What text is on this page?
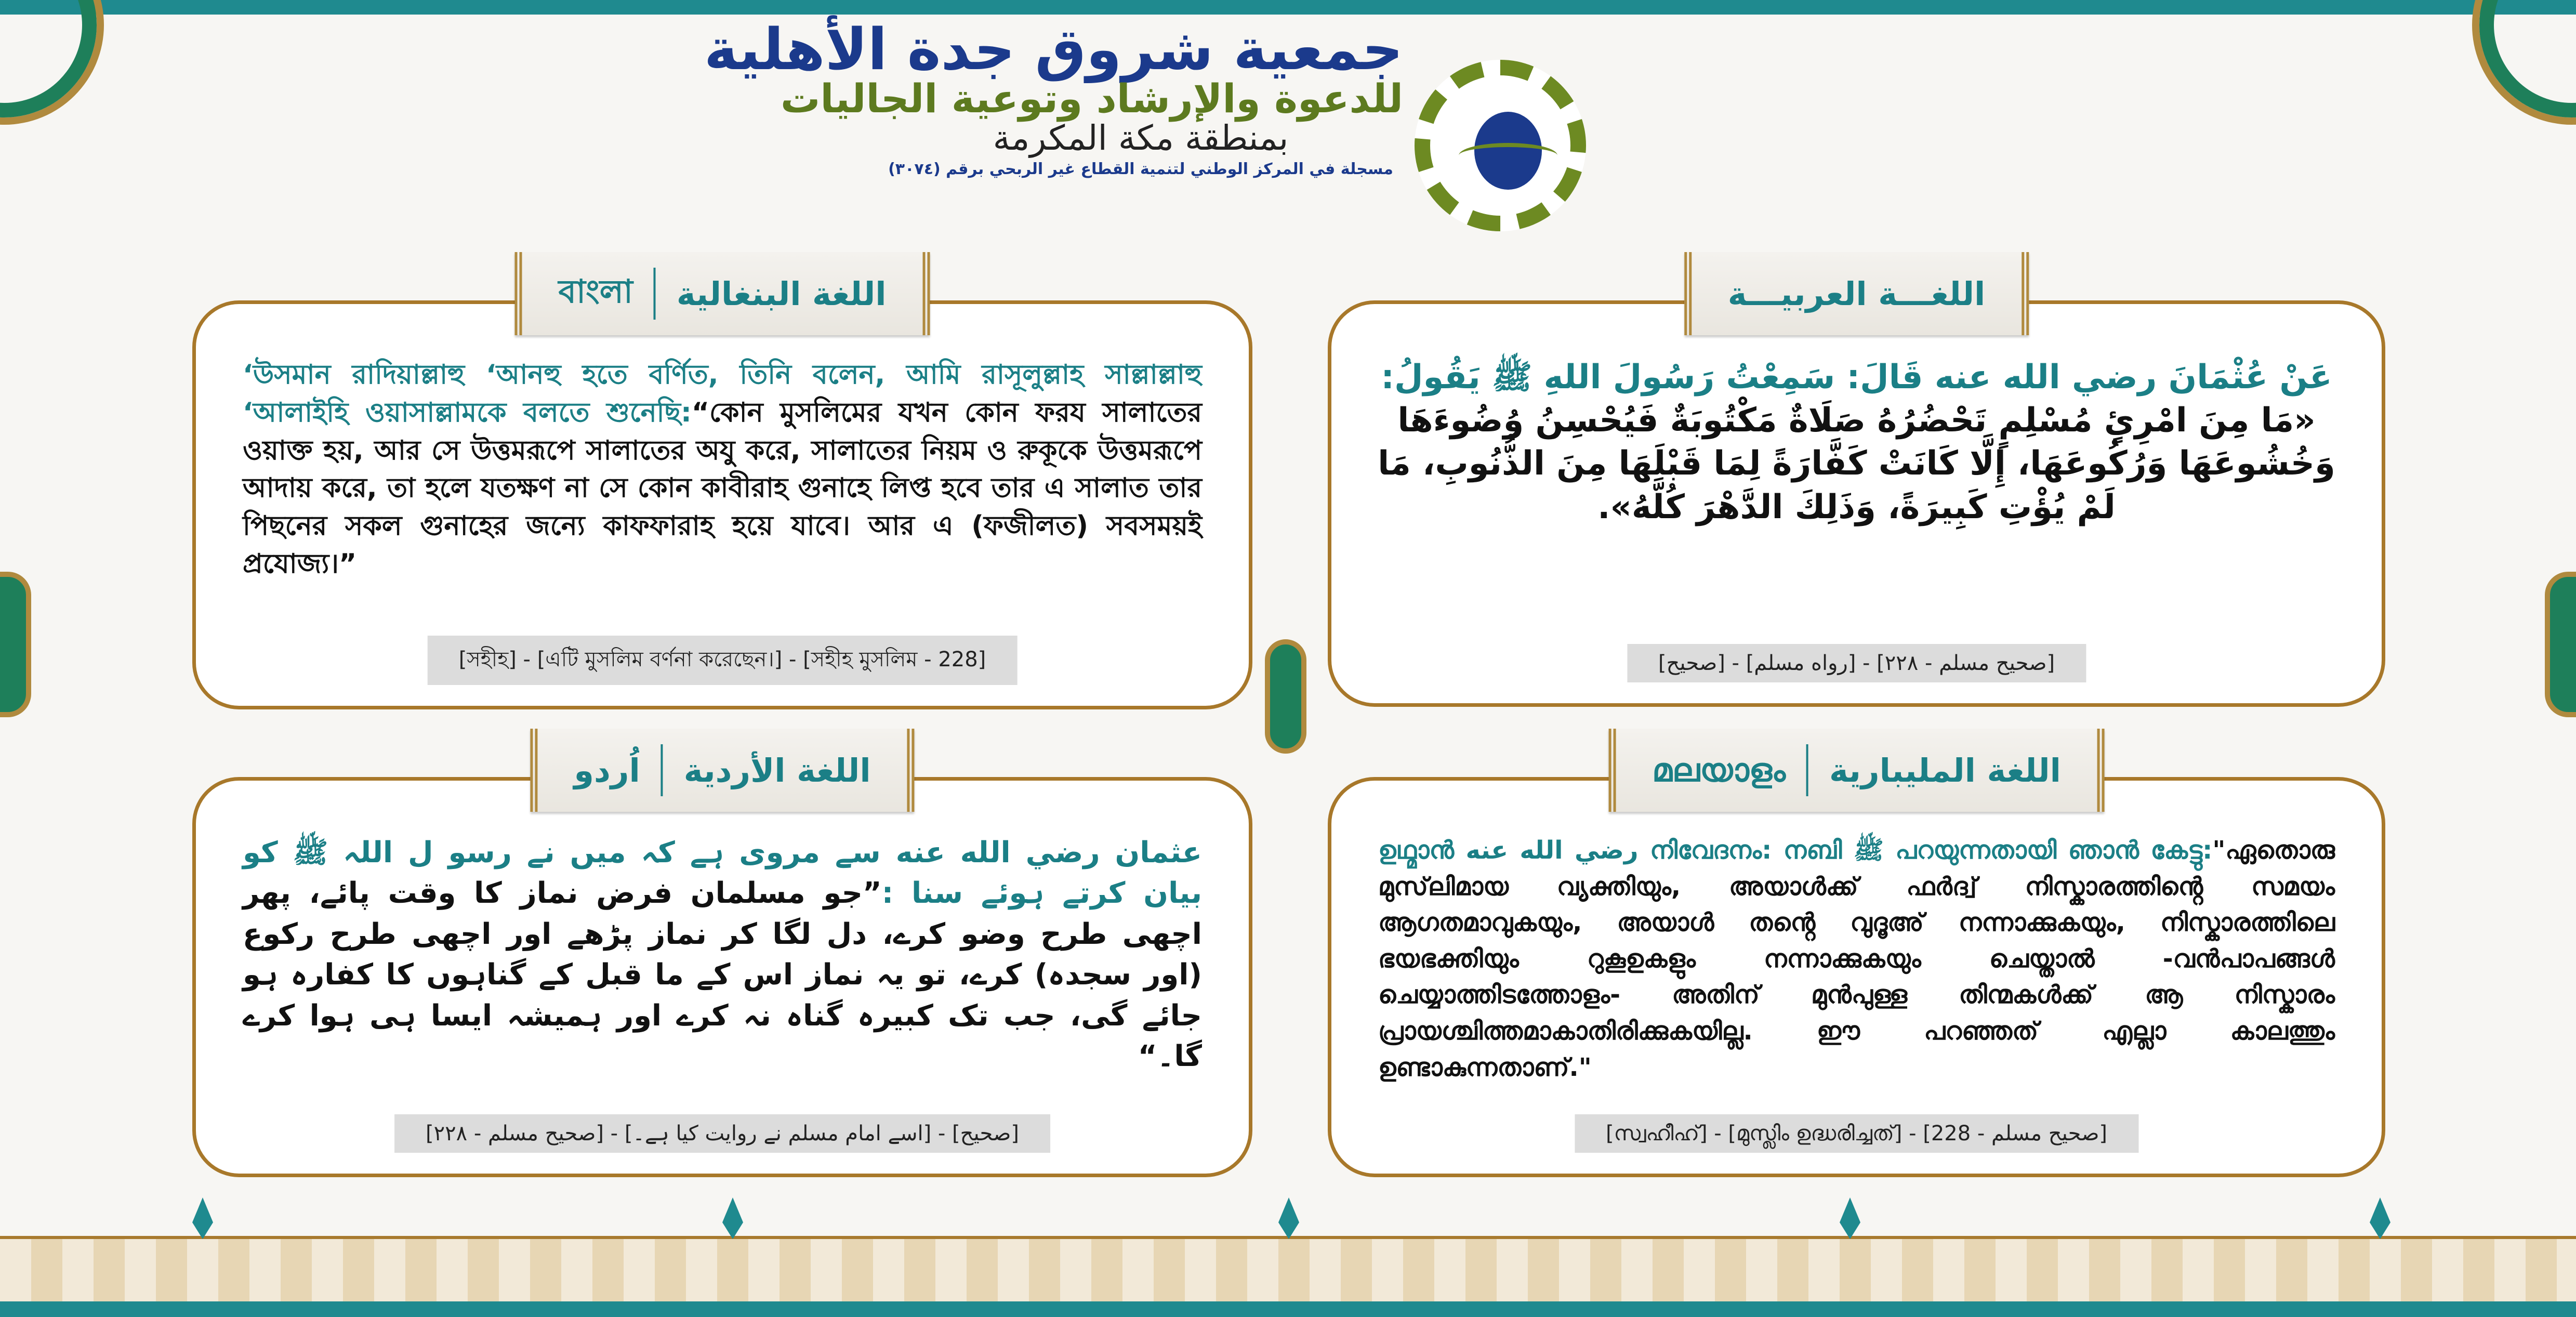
جمعية شروق جدة الأهلية
للدعوة والإرشاد وتوعية الجاليات
بمنطقة مكة المكرمة
مسجلة في المركز الوطني لتنمية القطاع غير الربحي برقم (٣٠٧٤)
اللغـــة العربيـــة
عَنْ عُثْمَانَ رضي الله عنه قَالَ: سَمِعْتُ رَسُولَ اللهِ ﷺ يَقُولُ:
«مَا مِنَ امْرِئٍ مُسْلِمٍ تَحْضُرُهُ صَلَاةٌ مَكْتُوبَةٌ فَيُحْسِنُ وُضُوءَهَا وَخُشُوعَهَا وَرُكُوعَهَا، إِلَّا كَانَتْ كَفَّارَةً لِمَا قَبْلَهَا مِنَ الذُّنُوبِ، مَا لَمْ يُؤْتِ كَبِيرَةً، وَذَلِكَ الدَّهْرَ كُلَّهُ».
[صحيح] - [رواه مسلم] - [صحيح مسلم - ٢٢٨]
বাংলা اللغة البنغالية
‘উসমান রাদিয়াল্লাহু ‘আনহু হতে বর্ণিত, তিনি বলেন, আমি রাসূলুল্লাহ সাল্লাল্লাহু ‘আলাইহি ওয়াসাল্লামকে বলতে শুনেছি:“কোন মুসলিমের যখন কোন ফরয সালাতের ওয়াক্ত হয়, আর সে উত্তমরূপে সালাতের অযু করে, সালাতের নিয়ম ও রুকূকে উত্তমরূপে আদায় করে, তা হলে যতক্ষণ না সে কোন কাবীরাহ গুনাহে লিপ্ত হবে তার এ সালাত তার পিছনের সকল গুনাহের জন্যে কাফফারাহ হয়ে যাবে। আর এ (ফজীলত) সবসময়ই প্রযোজ্য।”
[সহীহ] - [এটি মুসলিম বর্ণনা করেছেন।] - [সহীহ মুসলিম - 228]
اُردو اللغة الأردية
عثمان رضي الله عنه سے مروی ہے کہ میں نے رسو ل اللہ ﷺ کو بیان کرتے ہوئے سنا :”جو مسلمان فرض نماز کا وقت پائے، پھر اچھی طرح وضو کرے، دل لگا کر نماز پڑھے اور اچھی طرح رکوع (اور سجدہ) کرے، تو یہ نماز اس کے ما قبل کے گناہوں کا کفارہ ہو جائے گی، جب تک کبیرہ گناہ نہ کرے اور ہمیشہ ایسا ہی ہوا کرے گا۔“
[صحیح] - [اسے امام مسلم نے روایت کیا ہے۔] - [صحيح مسلم - ٢٢٨]
മലയാളം اللغة المليبارية
ഉഥ്മാൻ رضي الله عنه നിവേദനം: നബി ﷺ പറയുന്നതായി ഞാൻ കേട്ടു:"ഏതൊരു മുസ്‌ലിമായ വ്യക്തിയും, അയാൾക്ക് ഫർദ്വ് നിസ്കാരത്തിൻ്റെ സമയം ആഗതമാവുകയും, അയാൾ തൻ്റെ വുദൂഅ് നന്നാക്കുകയും, നിസ്കാരത്തിലെ ഭയഭക്തിയും റുകൂഉകളും നന്നാക്കുകയും ചെയ്താൽ -വൻപാപങ്ങൾ ചെയ്യാത്തിടത്തോളം- അതിന് മുൻപുള്ള തിന്മകൾക്ക് ആ നിസ്കാരം പ്രായശ്ചിത്തമാകാതിരിക്കുകയില്ല. ഈ പറഞ്ഞത് എല്ലാ കാലത്തും ഉണ്ടാകുന്നതാണ്."
[സ്വഹീഹ്] - [മുസ്ലിം ഉദ്ധരിച്ചത്] - [صحيح مسلم - 228]
